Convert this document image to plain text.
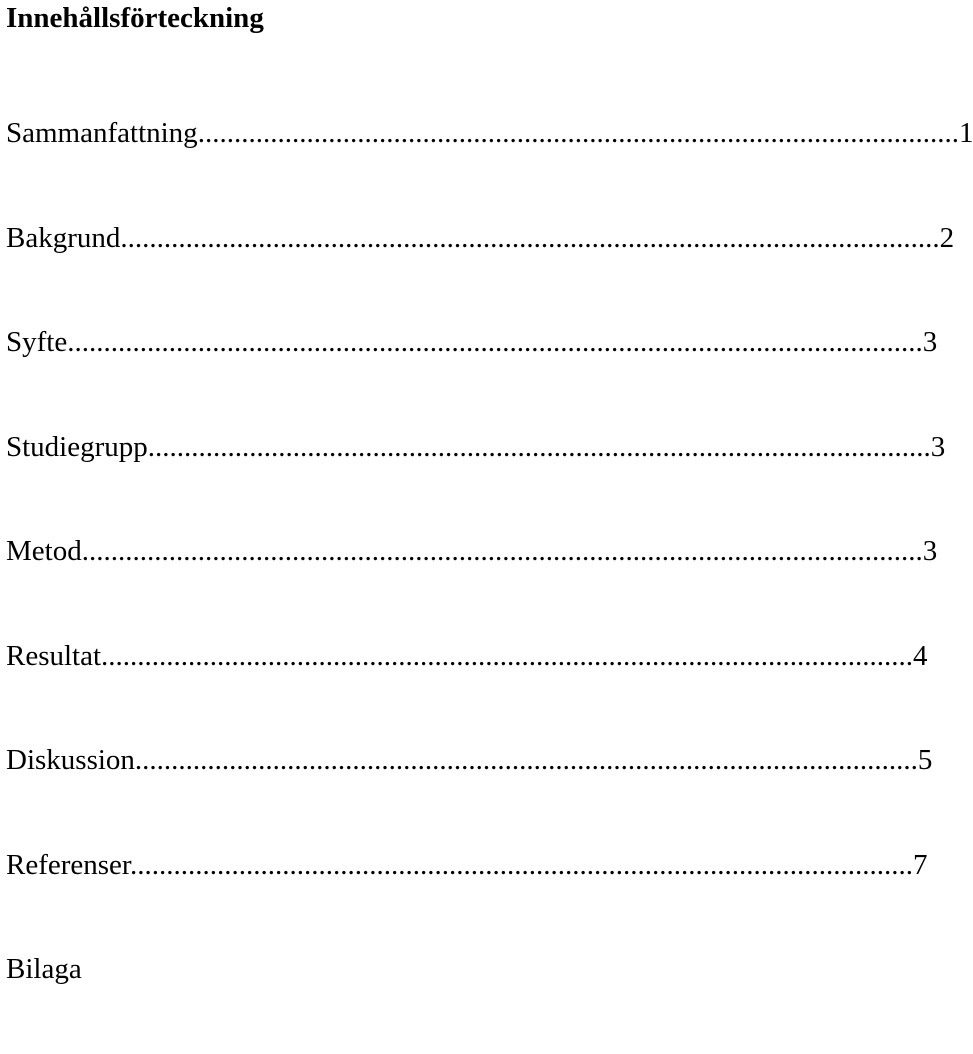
Innehållsförteckning
Sammanfattning.........................................................................................................1
Bakgrund.................................................................................................................2
Syfte......................................................................................................................3
Studiegrupp............................................................................................................3
Metod....................................................................................................................3
Resultat................................................................................................................4
Diskussion............................................................................................................5
Referenser............................................................................................................7
Bilaga
